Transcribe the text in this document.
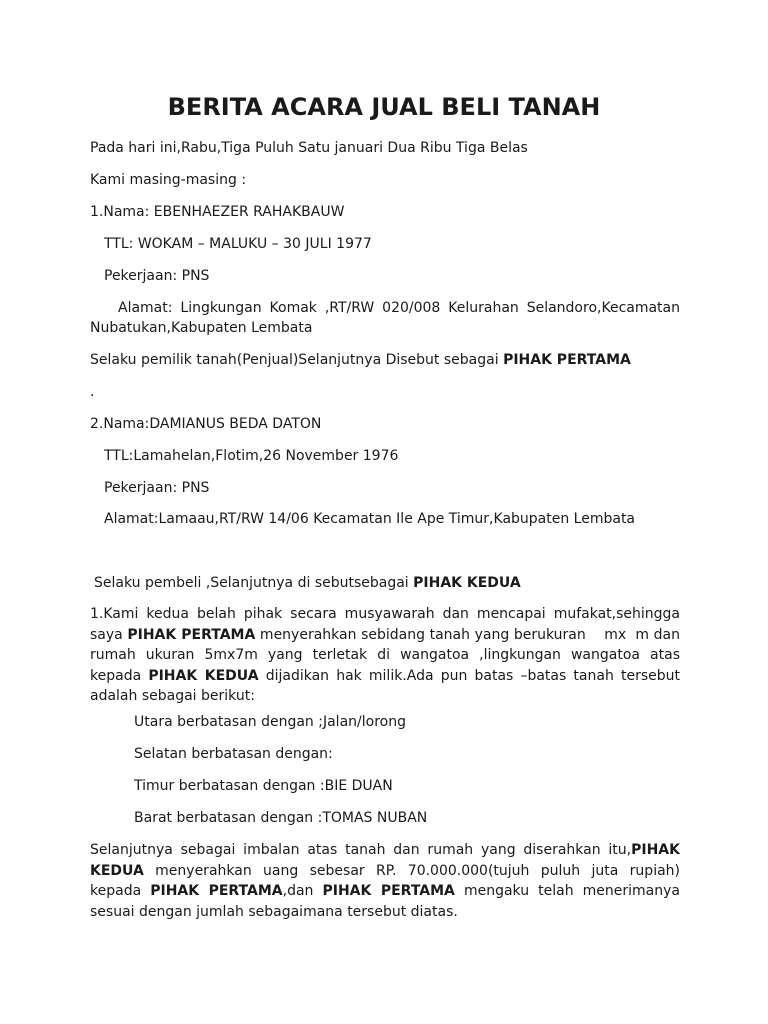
BERITA ACARA JUAL BELI TANAH

Pada hari ini,Rabu,Tiga Puluh Satu januari Dua Ribu Tiga Belas

Kami masing-masing :

1.Nama: EBENHAEZER RAHAKBAUW

TTL: WOKAM – MALUKU – 30 JULI 1977

Pekerjaan: PNS

Alamat: Lingkungan Komak ,RT/RW 020/008 Kelurahan Selandoro,Kecamatan Nubatukan,Kabupaten Lembata

Selaku pemilik tanah(Penjual)Selanjutnya Disebut sebagai PIHAK PERTAMA

.

2.Nama:DAMIANUS BEDA DATON

TTL:Lamahelan,Flotim,26 November 1976

Pekerjaan: PNS

Alamat:Lamaau,RT/RW 14/06 Kecamatan Ile Ape Timur,Kabupaten Lembata

Selaku pembeli ,Selanjutnya di sebutsebagai PIHAK KEDUA

1.Kami kedua belah pihak secara musyawarah dan mencapai mufakat,sehingga saya PIHAK PERTAMA menyerahkan sebidang tanah yang berukuran    mx  m dan rumah ukuran 5mx7m yang terletak di wangatoa ,lingkungan wangatoa atas kepada PIHAK KEDUA dijadikan hak milik.Ada pun batas –batas tanah tersebut adalah sebagai berikut:

Utara berbatasan dengan ;Jalan/lorong

Selatan berbatasan dengan:

Timur berbatasan dengan :BIE DUAN

Barat berbatasan dengan :TOMAS NUBAN

Selanjutnya sebagai imbalan atas tanah dan rumah yang diserahkan itu,PIHAK KEDUA menyerahkan uang sebesar RP. 70.000.000(tujuh puluh juta rupiah) kepada PIHAK PERTAMA,dan PIHAK PERTAMA mengaku telah menerimanya sesuai dengan jumlah sebagaimana tersebut diatas.
